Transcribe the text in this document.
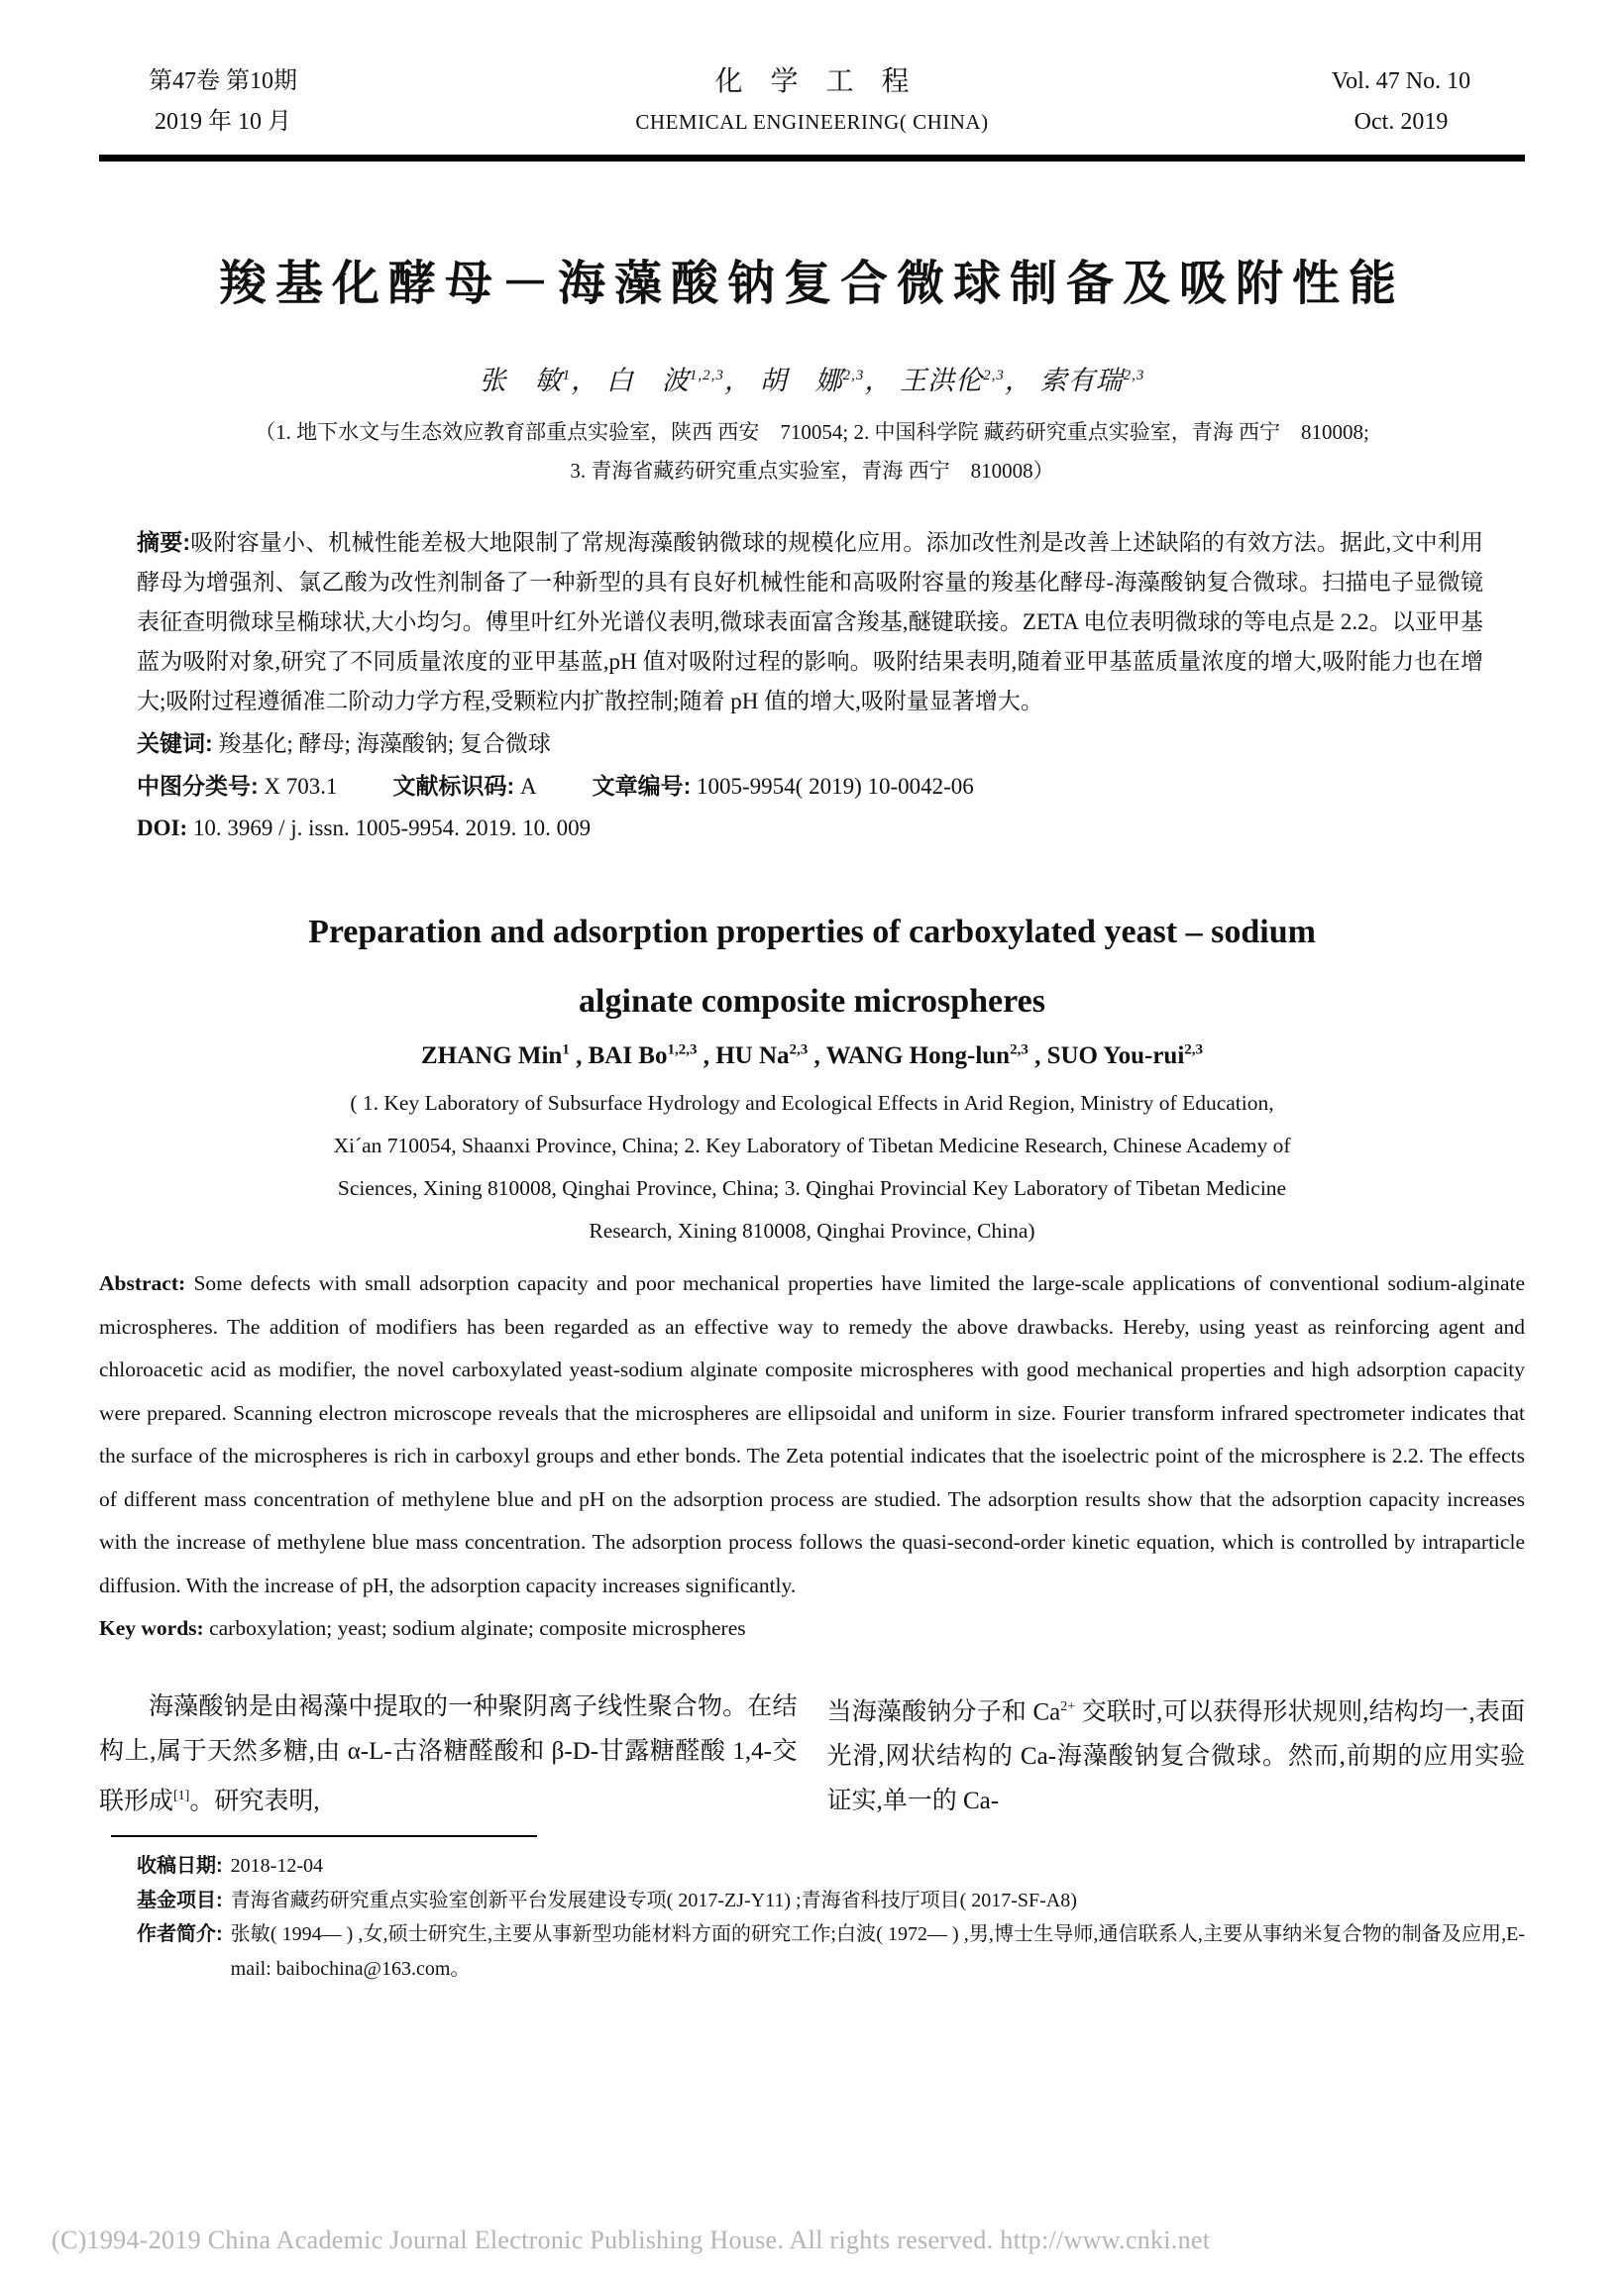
第47卷 第10期
2019 年 10 月
化　学　工　程
CHEMICAL ENGINEERING( CHINA)
Vol. 47 No. 10
Oct. 2019
羧基化酵母－海藻酸钠复合微球制备及吸附性能
张　敏$^1$， 白　波$^{1,2,3}$， 胡　娜$^{2,3}$， 王洪伦$^{2,3}$， 索有瑞$^{2,3}$
（1. 地下水文与生态效应教育部重点实验室，陕西 西安　710054; 2. 中国科学院 藏药研究重点实验室，青海 西宁　810008;
3. 青海省藏药研究重点实验室，青海 西宁　810008）

摘要:吸附容量小、机械性能差极大地限制了常规海藻酸钠微球的规模化应用。添加改性剂是改善上述缺陷的有效方法。据此,文中利用酵母为增强剂、氯乙酸为改性剂制备了一种新型的具有良好机械性能和高吸附容量的羧基化酵母-海藻酸钠复合微球。扫描电子显微镜表征查明微球呈椭球状,大小均匀。傅里叶红外光谱仪表明,微球表面富含羧基,醚键联接。ZETA 电位表明微球的等电点是 2.2。以亚甲基蓝为吸附对象,研究了不同质量浓度的亚甲基蓝,pH 值对吸附过程的影响。吸附结果表明,随着亚甲基蓝质量浓度的增大,吸附能力也在增大;吸附过程遵循准二阶动力学方程,受颗粒内扩散控制;随着 pH 值的增大,吸附量显著增大。

关键词: 羧基化; 酵母; 海藻酸钠; 复合微球

中图分类号: X 703.1 文献标识码: A 文章编号: 1005-9954( 2019) 10-0042-06

DOI: 10. 3969 / j. issn. 1005-9954. 2019. 10. 009

Preparation and adsorption properties of carboxylated yeast – sodium
alginate composite microspheres
ZHANG Min$^1$ , BAI Bo$^{1,2,3}$ , HU Na$^{2,3}$ , WANG Hong-lun$^{2,3}$ , SUO You-rui$^{2,3}$
( 1. Key Laboratory of Subsurface Hydrology and Ecological Effects in Arid Region, Ministry of Education,
Xi´an 710054, Shaanxi Province, China; 2. Key Laboratory of Tibetan Medicine Research, Chinese Academy of
Sciences, Xining 810008, Qinghai Province, China; 3. Qinghai Provincial Key Laboratory of Tibetan Medicine
Research, Xining 810008, Qinghai Province, China)

Abstract: Some defects with small adsorption capacity and poor mechanical properties have limited the large-scale applications of conventional sodium-alginate microspheres. The addition of modifiers has been regarded as an effective way to remedy the above drawbacks. Hereby, using yeast as reinforcing agent and chloroacetic acid as modifier, the novel carboxylated yeast-sodium alginate composite microspheres with good mechanical properties and high adsorption capacity were prepared. Scanning electron microscope reveals that the microspheres are ellipsoidal and uniform in size. Fourier transform infrared spectrometer indicates that the surface of the microspheres is rich in carboxyl groups and ether bonds. The Zeta potential indicates that the isoelectric point of the microsphere is 2.2. The effects of different mass concentration of methylene blue and pH on the adsorption process are studied. The adsorption results show that the adsorption capacity increases with the increase of methylene blue mass concentration. The adsorption process follows the quasi-second-order kinetic equation, which is controlled by intraparticle diffusion. With the increase of pH, the adsorption capacity increases significantly.

Key words: carboxylation; yeast; sodium alginate; composite microspheres

海藻酸钠是由褐藻中提取的一种聚阴离子线性聚合物。在结构上,属于天然多糖,由 α-L-古洛糖醛酸和 β-D-甘露糖醛酸 1,4-交联形成[1]。研究表明,

当海藻酸钠分子和 $Ca^{2+}$ 交联时,可以获得形状规则,结构均一,表面光滑,网状结构的 Ca-海藻酸钠复合微球。然而,前期的应用实验证实,单一的 Ca-

收稿日期: 2018-12-04
基金项目: 青海省藏药研究重点实验室创新平台发展建设专项( 2017-ZJ-Y11) ;青海省科技厅项目( 2017-SF-A8)
作者简介: 张敏( 1994— ) ,女,硕士研究生,主要从事新型功能材料方面的研究工作;白波( 1972— ) ,男,博士生导师,通信联系人,主要从事纳米复合物的制备及应用,E-mail: baibochina@163.com。
(C)1994-2019 China Academic Journal Electronic Publishing House. All rights reserved. http://www.cnki.net
